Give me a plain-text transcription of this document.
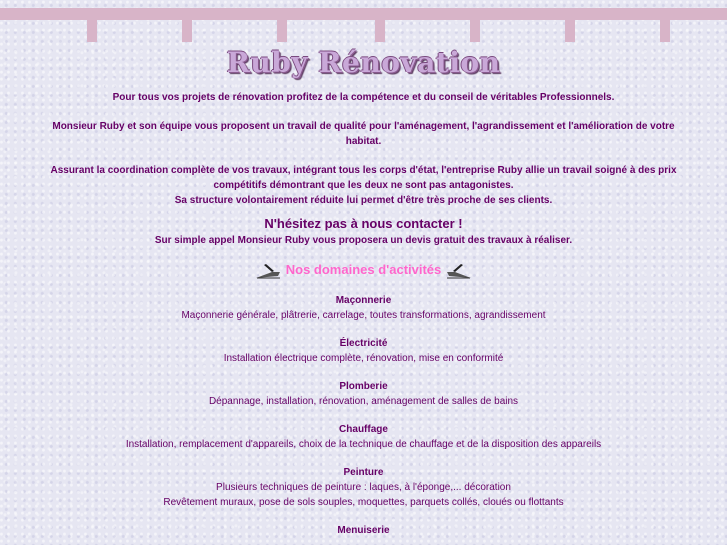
Ruby Rénovation

Pour tous vos projets de rénovation profitez de la compétence et du conseil de véritables Professionnels.

Monsieur Ruby et son équipe vous proposent un travail de qualité pour l'aménagement, l'agrandissement et l'amélioration de votre habitat.

Assurant la coordination complète de vos travaux, intégrant tous les corps d'état, l'entreprise Ruby allie un travail soigné à des prix compétitifs démontrant que les deux ne sont pas antagonistes.

Sa structure volontairement réduite lui permet d'être très proche de ses clients.

N'hésitez pas à nous contacter !

Sur simple appel Monsieur Ruby vous proposera un devis gratuit des travaux à réaliser.

Nos domaines d'activités

Maçonnerie

Maçonnerie générale, plâtrerie, carrelage, toutes transformations, agrandissement

Électricité

Installation électrique complète, rénovation, mise en conformité

Plomberie

Dépannage, installation, rénovation, aménagement de salles de bains

Chauffage

Installation, remplacement d'appareils, choix de la technique de chauffage et de la disposition des appareils

Peinture

Plusieurs techniques de peinture : laques, à l'éponge,... décoration

Revêtement muraux, pose de sols souples, moquettes, parquets collés, cloués ou flottants

Menuiserie
